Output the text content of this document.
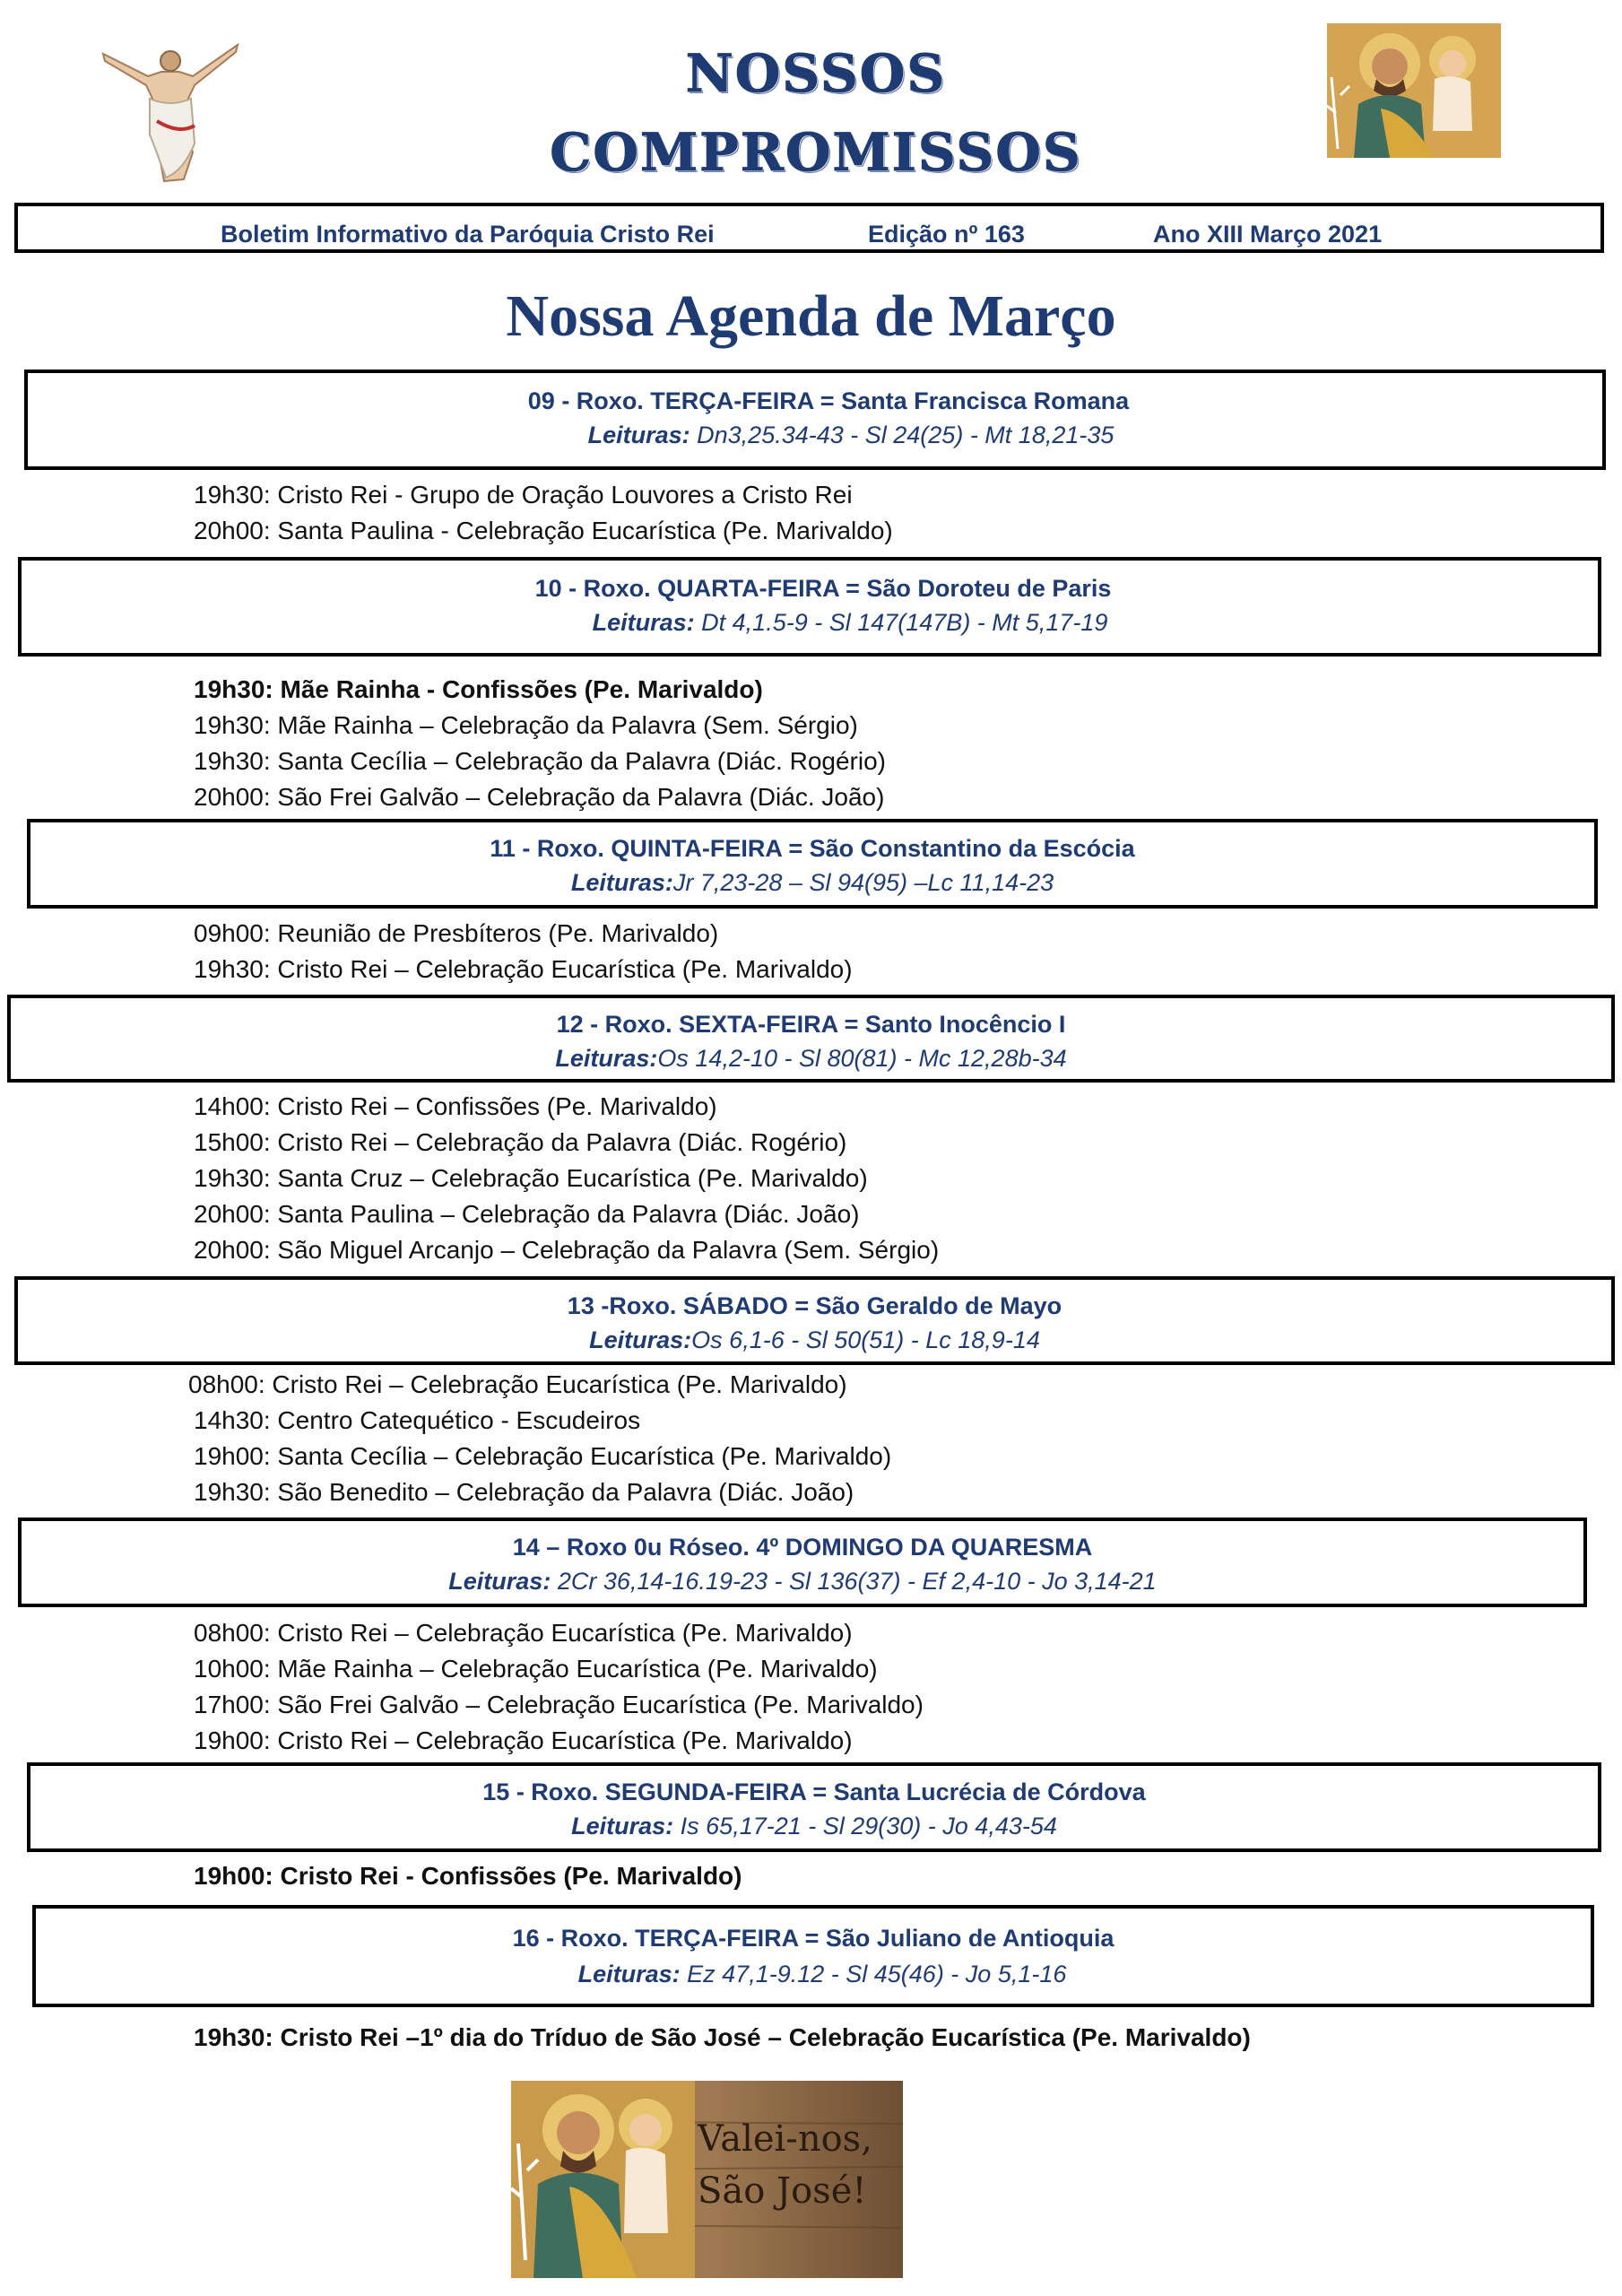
NOSSOS
COMPROMISSOS
Boletim Informativo da Paróquia Cristo Rei	Edição nº 163	Ano XIII Março 2021
Nossa Agenda de Março
09 - Roxo. TERÇA-FEIRA = Santa Francisca Romana
Leituras: Dn3,25.34-43 - Sl 24(25) - Mt 18,21-35
19h30: Cristo Rei - Grupo de Oração Louvores a Cristo Rei
20h00: Santa Paulina - Celebração Eucarística (Pe. Marivaldo)
10 - Roxo. QUARTA-FEIRA = São Doroteu de Paris
Leituras: Dt 4,1.5-9 - Sl 147(147B) - Mt 5,17-19
19h30: Mãe Rainha - Confissões (Pe. Marivaldo)
19h30: Mãe Rainha – Celebração da Palavra (Sem. Sérgio)
19h30: Santa Cecília – Celebração da Palavra (Diác. Rogério)
20h00: São Frei Galvão – Celebração da Palavra (Diác. João)
11 - Roxo. QUINTA-FEIRA = São Constantino da Escócia
Leituras:Jr 7,23-28 – Sl 94(95) –Lc 11,14-23
09h00: Reunião de Presbíteros (Pe. Marivaldo)
19h30: Cristo Rei – Celebração Eucarística (Pe. Marivaldo)
12 - Roxo. SEXTA-FEIRA = Santo Inocêncio I
Leituras:Os 14,2-10 - Sl 80(81) - Mc 12,28b-34
14h00: Cristo Rei – Confissões (Pe. Marivaldo)
15h00: Cristo Rei – Celebração da Palavra (Diác. Rogério)
19h30: Santa Cruz – Celebração Eucarística (Pe. Marivaldo)
20h00: Santa Paulina – Celebração da Palavra (Diác. João)
20h00: São Miguel Arcanjo – Celebração da Palavra (Sem. Sérgio)
13 -Roxo. SÁBADO = São Geraldo de Mayo
Leituras:Os 6,1-6 - Sl 50(51) - Lc 18,9-14
08h00: Cristo Rei – Celebração Eucarística (Pe. Marivaldo)
14h30: Centro Catequético - Escudeiros
19h00: Santa Cecília – Celebração Eucarística (Pe. Marivaldo)
19h30: São Benedito – Celebração da Palavra (Diác. João)
14 – Roxo 0u Róseo. 4º DOMINGO DA QUARESMA
Leituras: 2Cr 36,14-16.19-23 - Sl 136(37) - Ef 2,4-10 - Jo 3,14-21
08h00: Cristo Rei – Celebração Eucarística (Pe. Marivaldo)
10h00: Mãe Rainha – Celebração Eucarística (Pe. Marivaldo)
17h00: São Frei Galvão – Celebração Eucarística (Pe. Marivaldo)
19h00: Cristo Rei – Celebração Eucarística (Pe. Marivaldo)
15 - Roxo. SEGUNDA-FEIRA = Santa Lucrécia de Córdova
Leituras: Is 65,17-21 - Sl 29(30) - Jo 4,43-54
19h00: Cristo Rei - Confissões (Pe. Marivaldo)
16 - Roxo. TERÇA-FEIRA = São Juliano de Antioquia
Leituras: Ez 47,1-9.12 - Sl 45(46) - Jo 5,1-16
19h30: Cristo Rei –1º dia do Tríduo de São José – Celebração Eucarística (Pe. Marivaldo)
Valei-nos,
São José!
